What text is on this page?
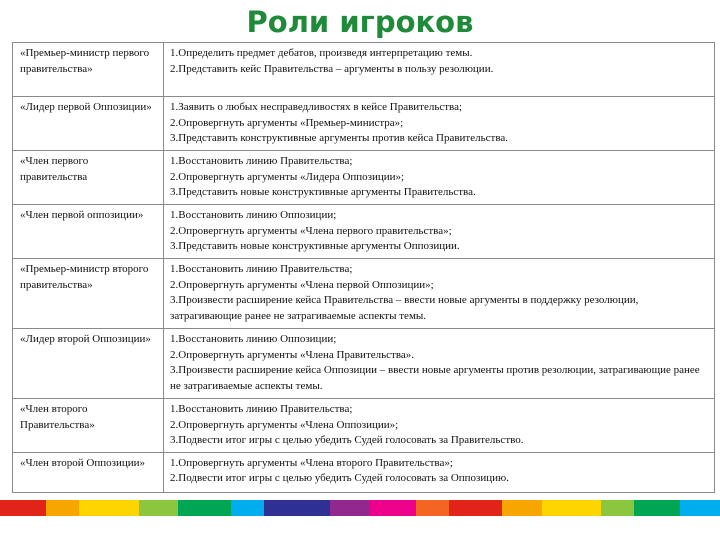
Роли игроков
«Премьер-министр первого правительства»	1.Определить предмет дебатов, произведя интерпретацию темы.
2.Представить кейс Правительства – аргументы в пользу резолюции.

«Лидер первой Оппозиции»	1.Заявить о любых несправедливостях в кейсе Правительства;
2.Опровергнуть аргументы «Премьер-министра»;
3.Представить конструктивные аргументы против кейса Правительства.

«Член первого правительства	1.Восстановить линию Правительства;
2.Опровергнуть аргументы «Лидера Оппозиции»;
3.Представить новые конструктивные аргументы Правительства.

«Член первой оппозиции»	1.Восстановить линию Оппозиции;
2.Опровергнуть аргументы «Члена первого правительства»;
3.Представить новые конструктивные аргументы Оппозиции.

«Премьер-министр второго правительства»	1.Восстановить линию Правительства;
2.Опровергнуть аргументы «Члена первой Оппозиции»;
3.Произвести расширение кейса Правительства – ввести новые аргументы в поддержку резолюции, затрагивающие ранее не затрагиваемые аспекты темы.

«Лидер второй Оппозиции»	1.Восстановить линию Оппозиции;
2.Опровергнуть аргументы «Члена Правительства».
3.Произвести расширение кейса Оппозиции – ввести новые аргументы против резолюции, затрагивающие ранее не затрагиваемые аспекты темы.

«Член второго Правительства»	1.Восстановить линию Правительства;
2.Опровергнуть аргументы «Члена Оппозиции»;
3.Подвести итог игры с целью убедить Судей голосовать за Правительство.

«Член второй Оппозиции»	1.Опровергнуть аргументы «Члена второго Правительства»;
2.Подвести итог игры с целью убедить Судей голосовать за Оппозицию.
